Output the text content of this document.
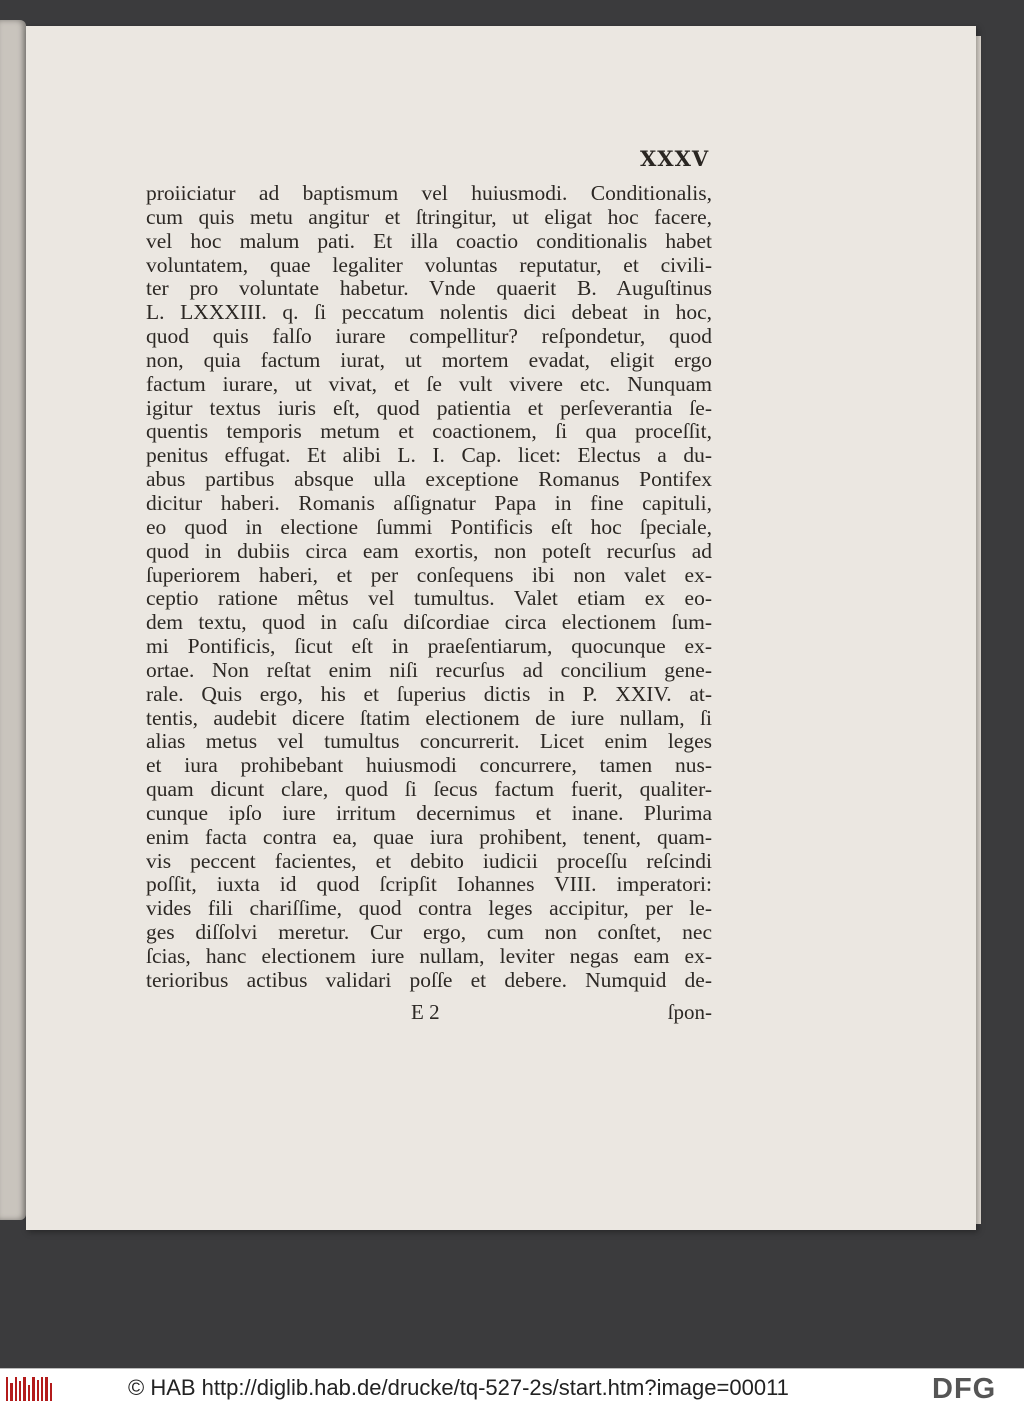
XXXV
proiiciatur ad baptismum vel huiusmodi. Conditionalis,
cum quis metu angitur et ſtringitur, ut eligat hoc facere,
vel hoc malum pati. Et illa coactio conditionalis habet
voluntatem, quae legaliter voluntas reputatur, et civili-
ter pro voluntate habetur. Vnde quaerit B. Auguſtinus
L. LXXXIII. q. ſi peccatum nolentis dici debeat in hoc,
quod quis falſo iurare compellitur? reſpondetur, quod
non, quia factum iurat, ut mortem evadat, eligit ergo
factum iurare, ut vivat, et ſe vult vivere etc. Nunquam
igitur textus iuris eſt, quod patientia et perſeverantia ſe-
quentis temporis metum et coactionem, ſi qua proceſſit,
penitus effugat. Et alibi L. I. Cap. licet: Electus a du-
abus partibus absque ulla exceptione Romanus Pontifex
dicitur haberi. Romanis aſſignatur Papa in fine capituli,
eo quod in electione ſummi Pontificis eſt hoc ſpeciale,
quod in dubiis circa eam exortis, non poteſt recurſus ad
ſuperiorem haberi, et per conſequens ibi non valet ex-
ceptio ratione mêtus vel tumultus. Valet etiam ex eo-
dem textu, quod in caſu diſcordiae circa electionem ſum-
mi Pontificis, ſicut eſt in praeſentiarum, quocunque ex-
ortae. Non reſtat enim niſi recurſus ad concilium gene-
rale. Quis ergo, his et ſuperius dictis in P. XXIV. at-
tentis, audebit dicere ſtatim electionem de iure nullam, ſi
alias metus vel tumultus concurrerit. Licet enim leges
et iura prohibebant huiusmodi concurrere, tamen nus-
quam dicunt clare, quod ſi ſecus factum fuerit, qualiter-
cunque ipſo iure irritum decernimus et inane. Plurima
enim facta contra ea, quae iura prohibent, tenent, quam-
vis peccent facientes, et debito iudicii proceſſu reſcindi
poſſit, iuxta id quod ſcripſit Iohannes VIII. imperatori:
vides fili chariſſime, quod contra leges accipitur, per le-
ges diſſolvi meretur. Cur ergo, cum non conſtet, nec
ſcias, hanc electionem iure nullam, leviter negas eam ex-
terioribus actibus validari poſſe et debere. Numquid de-
E 2	ſpon-
© HAB http://diglib.hab.de/drucke/tq-527-2s/start.htm?image=00011	DFG
